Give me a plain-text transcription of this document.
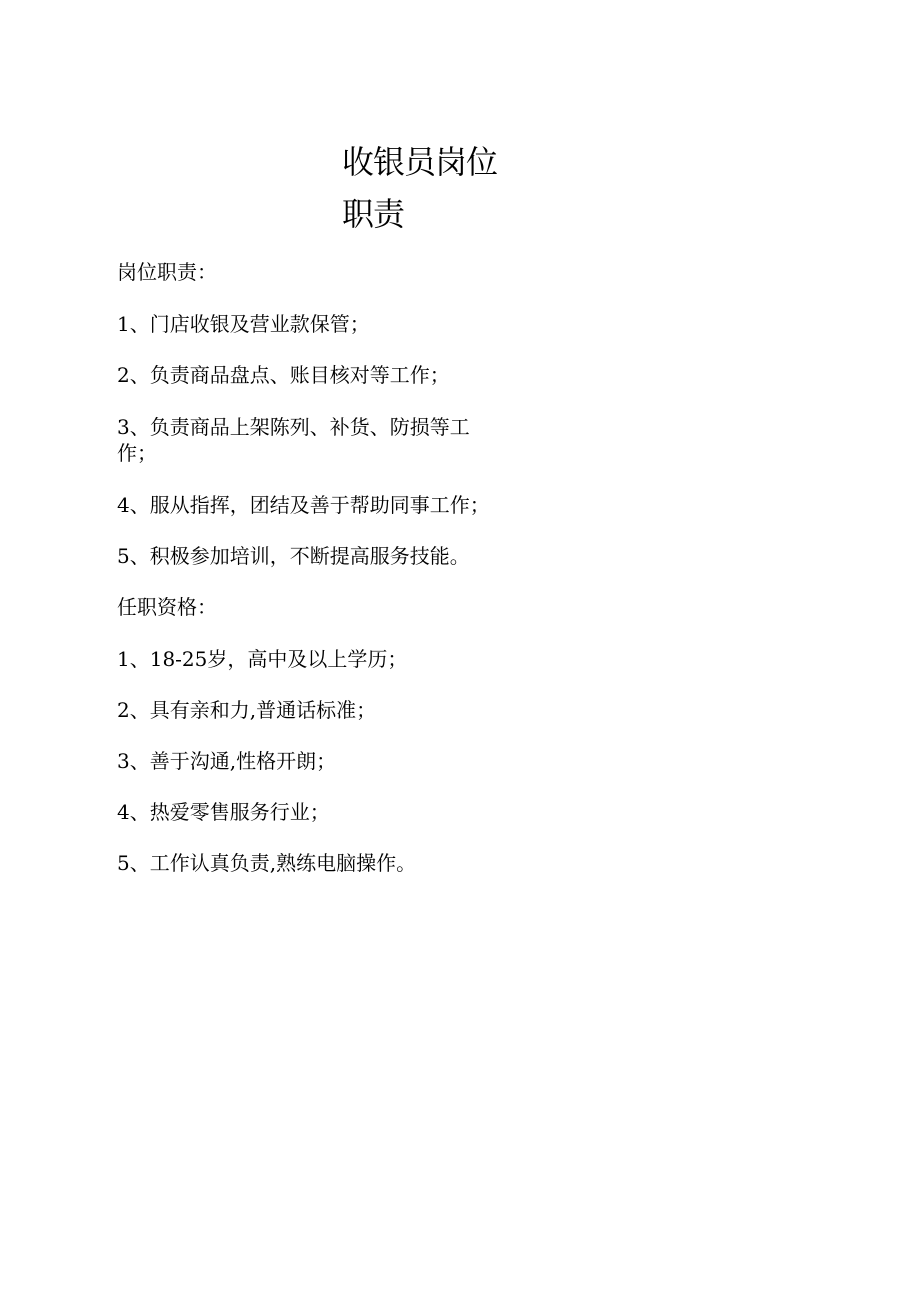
收银员岗位职责

岗位职责：

1、门店收银及营业款保管；

2、负责商品盘点、账目核对等工作；

3、负责商品上架陈列、补货、防损等工作；

4、服从指挥，团结及善于帮助同事工作；

5、积极参加培训，不断提高服务技能。

任职资格：

1、18-25岁，高中及以上学历；

2、具有亲和力,普通话标准；

3、善于沟通,性格开朗；

4、热爱零售服务行业；

5、工作认真负责,熟练电脑操作。
